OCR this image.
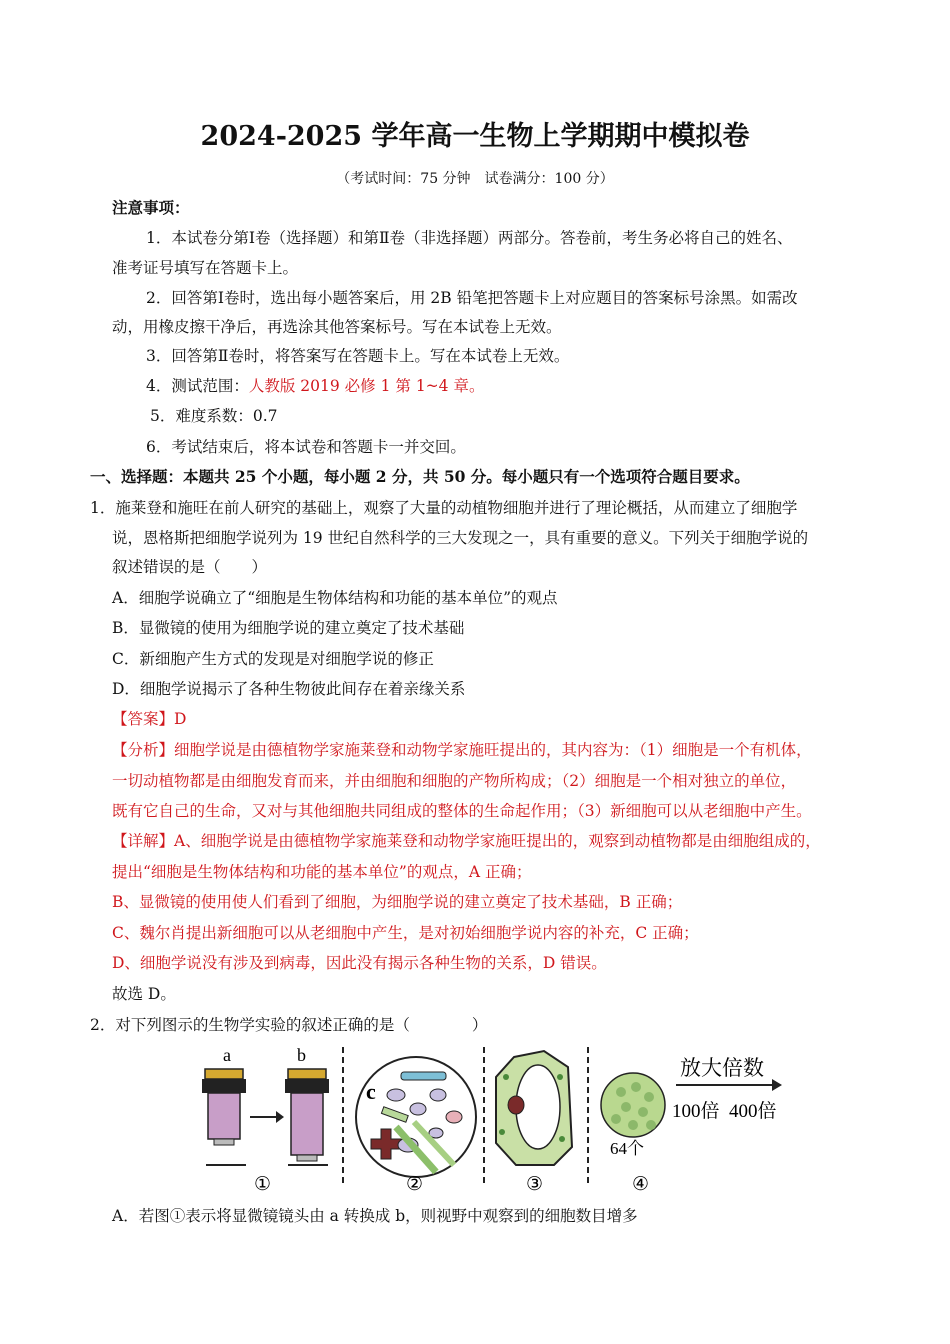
2024-2025 学年高一生物上学期期中模拟卷
（考试时间：75 分钟　试卷满分：100 分）
注意事项：
1．本试卷分第Ⅰ卷（选择题）和第Ⅱ卷（非选择题）两部分。答卷前，考生务必将自己的姓名、
准考证号填写在答题卡上。
2．回答第Ⅰ卷时，选出每小题答案后，用 2B 铅笔把答题卡上对应题目的答案标号涂黑。如需改
动，用橡皮擦干净后，再选涂其他答案标号。写在本试卷上无效。
3．回答第Ⅱ卷时，将答案写在答题卡上。写在本试卷上无效。
4．测试范围：人教版 2019 必修 1 第 1~4 章。
5．难度系数：0.7
6．考试结束后，将本试卷和答题卡一并交回。
一、选择题：本题共 25 个小题，每小题 2 分，共 50 分。每小题只有一个选项符合题目要求。
1．施莱登和施旺在前人研究的基础上，观察了大量的动植物细胞并进行了理论概括，从而建立了细胞学
说，恩格斯把细胞学说列为 19 世纪自然科学的三大发现之一，具有重要的意义。下列关于细胞学说的
叙述错误的是（　　）
A．细胞学说确立了“细胞是生物体结构和功能的基本单位”的观点
B．显微镜的使用为细胞学说的建立奠定了技术基础
C．新细胞产生方式的发现是对细胞学说的修正
D．细胞学说揭示了各种生物彼此间存在着亲缘关系
【答案】D
【分析】细胞学说是由德植物学家施莱登和动物学家施旺提出的，其内容为：（1）细胞是一个有机体，
一切动植物都是由细胞发育而来，并由细胞和细胞的产物所构成；（2）细胞是一个相对独立的单位，
既有它自己的生命，又对与其他细胞共同组成的整体的生命起作用；（3）新细胞可以从老细胞中产生。
【详解】A、细胞学说是由德植物学家施莱登和动物学家施旺提出的，观察到动植物都是由细胞组成的，
提出“细胞是生物体结构和功能的基本单位”的观点，A 正确；
B、显微镜的使用使人们看到了细胞，为细胞学说的建立奠定了技术基础，B 正确；
C、魏尔肖提出新细胞可以从老细胞中产生，是对初始细胞学说内容的补充，C 正确；
D、细胞学说没有涉及到病毒，因此没有揭示各种生物的关系，D 错误。
故选 D。
2．对下列图示的生物学实验的叙述正确的是（　　　　）
a	b
①
c
②	③
64个
放大倍数
100倍 400倍
④
A．若图①表示将显微镜镜头由 a 转换成 b，则视野中观察到的细胞数目增多
